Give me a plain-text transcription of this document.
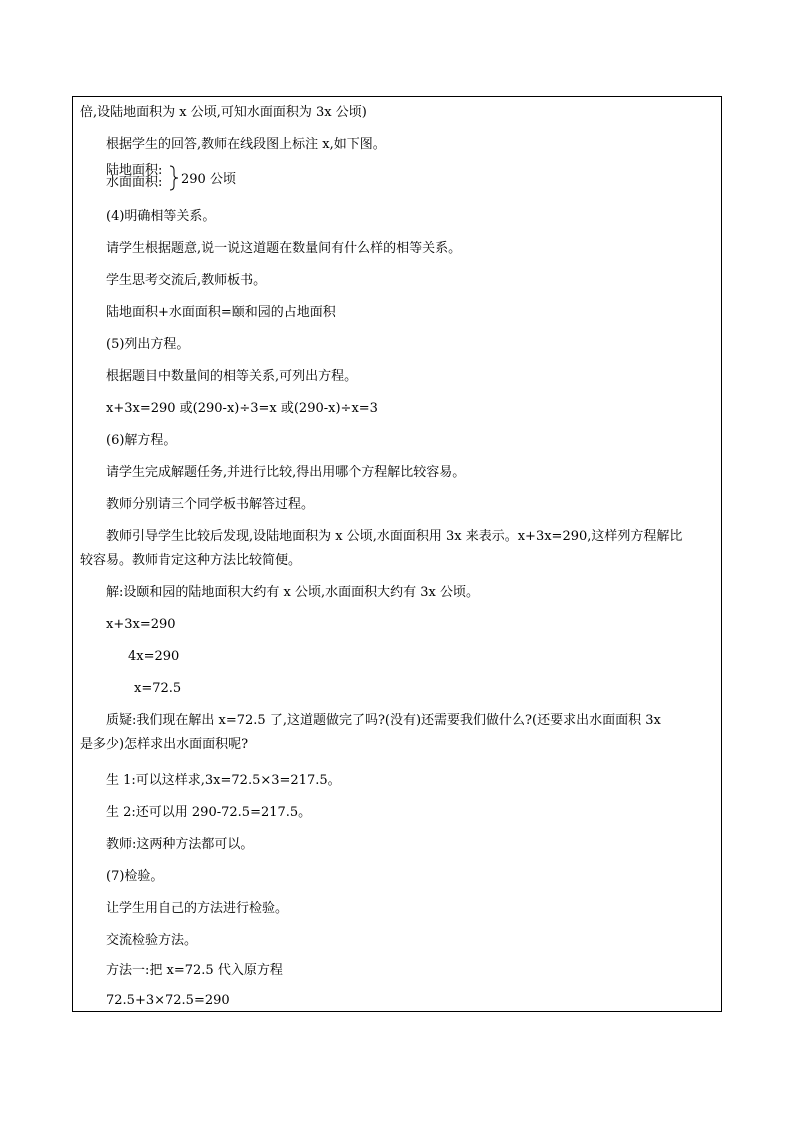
倍,设陆地面积为 x 公顷,可知水面面积为 3x 公顷)
根据学生的回答,教师在线段图上标注 x,如下图。
陆地面积:
水面面积: 290 公顷
(4)明确相等关系。
请学生根据题意,说一说这道题在数量间有什么样的相等关系。
学生思考交流后,教师板书。
陆地面积+水面面积=颐和园的占地面积
(5)列出方程。
根据题目中数量间的相等关系,可列出方程。
x+3x=290 或(290-x)÷3=x 或(290-x)÷x=3
(6)解方程。
请学生完成解题任务,并进行比较,得出用哪个方程解比较容易。
教师分别请三个同学板书解答过程。
教师引导学生比较后发现,设陆地面积为 x 公顷,水面面积用 3x 来表示。x+3x=290,这样列方程解比
较容易。教师肯定这种方法比较简便。
解:设颐和园的陆地面积大约有 x 公顷,水面面积大约有 3x 公顷。
x+3x=290
4x=290
x=72.5
质疑:我们现在解出 x=72.5 了,这道题做完了吗?(没有)还需要我们做什么?(还要求出水面面积 3x
是多少)怎样求出水面面积呢?
生 1:可以这样求,3x=72.5×3=217.5。
生 2:还可以用 290-72.5=217.5。
教师:这两种方法都可以。
(7)检验。
让学生用自己的方法进行检验。
交流检验方法。
方法一:把 x=72.5 代入原方程
72.5+3×72.5=290
